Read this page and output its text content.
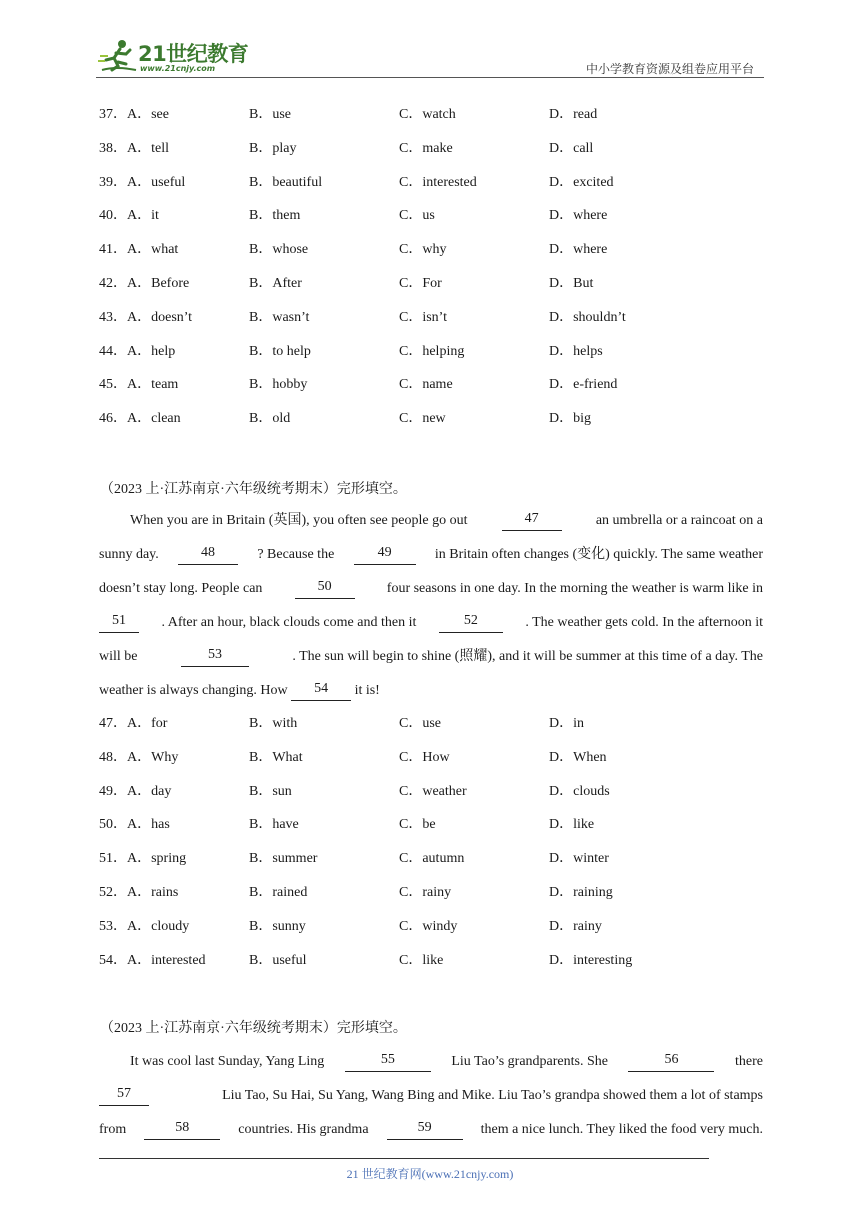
21世纪教育
www.21cnjy.com	中小学教育资源及组卷应用平台
37．A．see	B．use	C．watch	D．read
38．A．tell	B．play	C．make	D．call
39．A．useful	B．beautiful	C．interested	D．excited
40．A．it	B．them	C．us	D．where
41．A．what	B．whose	C．why	D．where
42．A．Before	B．After	C．For	D．But
43．A．doesn’t	B．wasn’t	C．isn’t	D．shouldn’t
44．A．help	B．to help	C．helping	D．helps
45．A．team	B．hobby	C．name	D．e-friend
46．A．clean	B．old	C．new	D．big
（2023 上·江苏南京·六年级统考期末）完形填空。
When you are in Britain (英国), you often see people go out	47	an umbrella or a raincoat on a
sunny day.	48	? Because the	49	in Britain often changes (变化) quickly. The same weather
doesn’t stay long. People can	50	four seasons in one day. In the morning the weather is warm like in
51	. After an hour, black clouds come and then it	52	. The weather gets cold. In the afternoon it
will be	53	. The sun will begin to shine (照耀), and it will be summer at this time of a day. The
weather is always changing. How
	54
	it is!
47．A．for	B．with	C．use	D．in
48．A．Why	B．What	C．How	D．When
49．A．day	B．sun	C．weather	D．clouds
50．A．has	B．have	C．be	D．like
51．A．spring	B．summer	C．autumn	D．winter
52．A．rains	B．rained	C．rainy	D．raining
53．A．cloudy	B．sunny	C．windy	D．rainy
54．A．interested	B．useful	C．like	D．interesting
（2023 上·江苏南京·六年级统考期末）完形填空。
It was cool last Sunday, Yang Ling	55	Liu Tao’s grandparents. She	56	there
57	Liu Tao, Su Hai, Su Yang, Wang Bing and Mike. Liu Tao’s grandpa showed them a lot of stamps
from	58	countries. His grandma	59	them a nice lunch. They liked the food very much.
21 世纪教育网(www.21cnjy.com)
